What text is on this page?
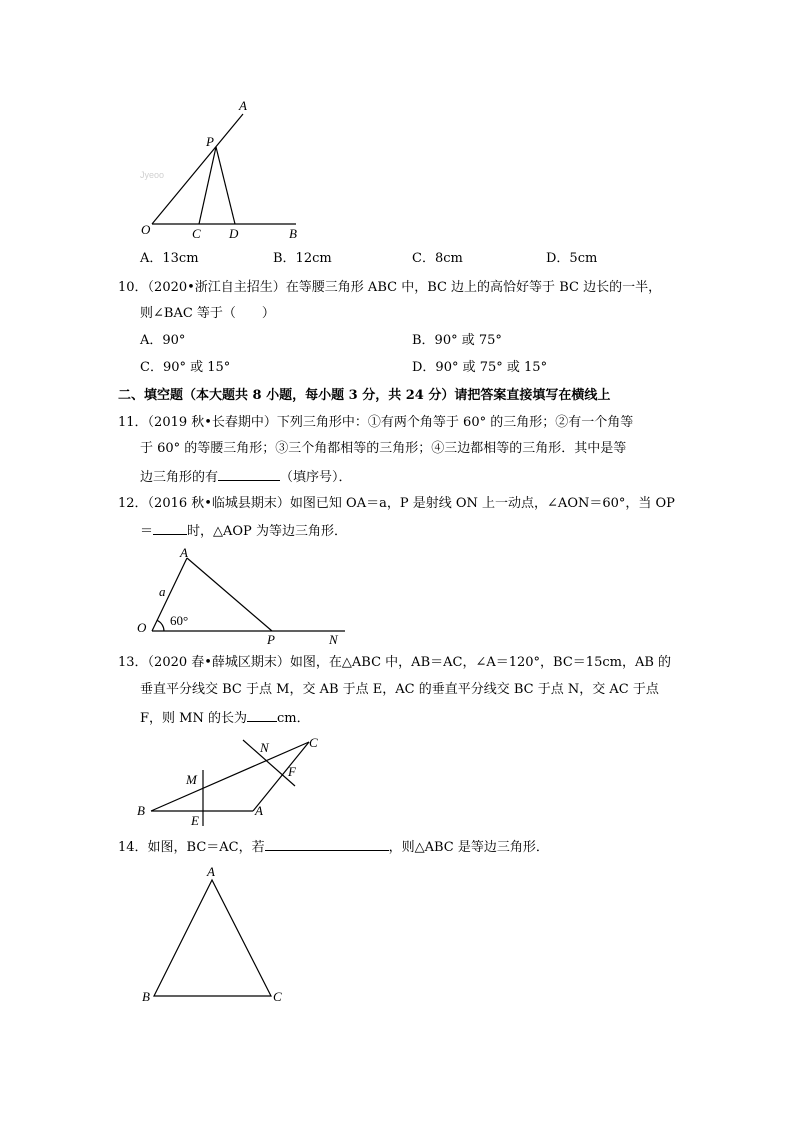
Jyeoo
A
P
O	C D	B
A
a
O 60°
P	N
N	C
M
F
B	A
E
A
B	C
A．13cm	B．12cm	C．8cm	D．5cm
10．（2020•浙江自主招生）在等腰三角形 ABC 中，BC 边上的高恰好等于 BC 边长的一半，
则∠BAC 等于（　　）
A．90°	B．90° 或 75°
C．90° 或 15°	D．90° 或 75° 或 15°
二、填空题（本大题共 8 小题，每小题 3 分，共 24 分）请把答案直接填写在横线上
11．（2019 秋•长春期中）下列三角形中：①有两个角等于 60° 的三角形；②有一个角等
于 60° 的等腰三角形；③三个角都相等的三角形；④三边都相等的三角形．其中是等
边三角形的有	（填序号）．
12．（2016 秋•临城县期末）如图已知 OA＝a，P 是射线 ON 上一动点，∠AON＝60°，当 OP
＝	时，△AOP 为等边三角形．
13．（2020 春•薛城区期末）如图，在△ABC 中，AB＝AC，∠A＝120°，BC＝15cm，AB 的
垂直平分线交 BC 于点 M，交 AB 于点 E，AC 的垂直平分线交 BC 于点 N，交 AC 于点
F，则 MN 的长为 cm．
14．如图，BC＝AC，若	，则△ABC 是等边三角形．
